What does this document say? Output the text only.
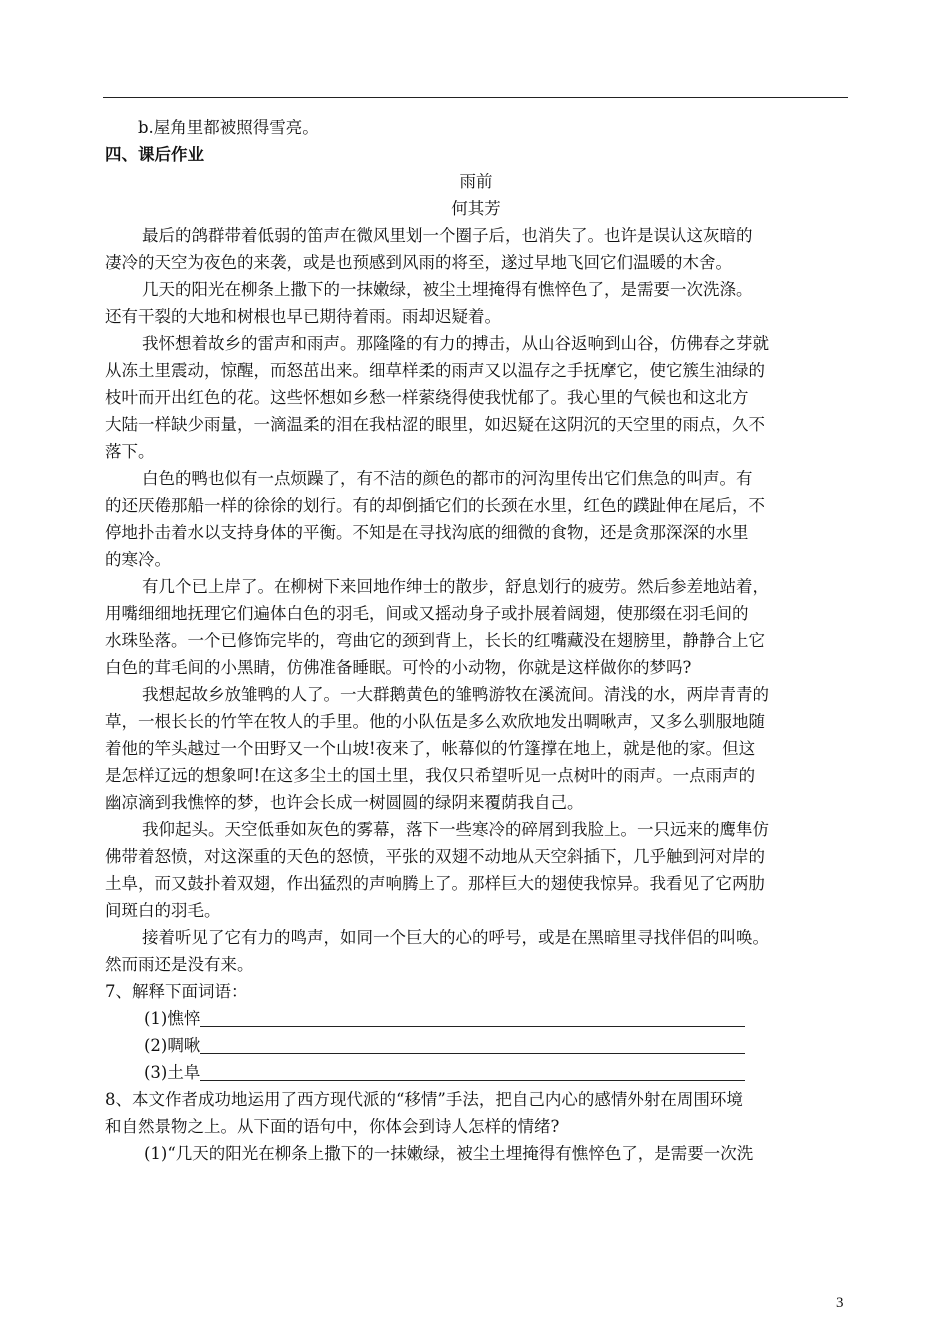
b.屋角里都被照得雪亮。
四、课后作业
雨前
何其芳
最后的鸽群带着低弱的笛声在微风里划一个圈子后，也消失了。也许是误认这灰暗的
凄冷的天空为夜色的来袭，或是也预感到风雨的将至，遂过早地飞回它们温暖的木舍。
几天的阳光在柳条上撒下的一抹嫩绿，被尘土埋掩得有憔悴色了，是需要一次洗涤。
还有干裂的大地和树根也早已期待着雨。雨却迟疑着。
我怀想着故乡的雷声和雨声。那隆隆的有力的搏击，从山谷返响到山谷，仿佛春之芽就
从冻土里震动，惊醒，而怒茁出来。细草样柔的雨声又以温存之手抚摩它，使它簇生油绿的
枝叶而开出红色的花。这些怀想如乡愁一样萦绕得使我忧郁了。我心里的气候也和这北方
大陆一样缺少雨量，一滴温柔的泪在我枯涩的眼里，如迟疑在这阴沉的天空里的雨点，久不
落下。
白色的鸭也似有一点烦躁了，有不洁的颜色的都市的河沟里传出它们焦急的叫声。有
的还厌倦那船一样的徐徐的划行。有的却倒插它们的长颈在水里，红色的蹼趾伸在尾后，不
停地扑击着水以支持身体的平衡。不知是在寻找沟底的细微的食物，还是贪那深深的水里
的寒冷。
有几个已上岸了。在柳树下来回地作绅士的散步，舒息划行的疲劳。然后参差地站着，
用嘴细细地抚理它们遍体白色的羽毛，间或又摇动身子或扑展着阔翅，使那缀在羽毛间的
水珠坠落。一个已修饰完毕的，弯曲它的颈到背上，长长的红嘴藏没在翅膀里，静静合上它
白色的茸毛间的小黑睛，仿佛准备睡眠。可怜的小动物，你就是这样做你的梦吗?
我想起故乡放雏鸭的人了。一大群鹅黄色的雏鸭游牧在溪流间。清浅的水，两岸青青的
草，一根长长的竹竿在牧人的手里。他的小队伍是多么欢欣地发出啁啾声，又多么驯服地随
着他的竿头越过一个田野又一个山坡!夜来了，帐幕似的竹篷撑在地上，就是他的家。但这
是怎样辽远的想象呵!在这多尘土的国土里，我仅只希望听见一点树叶的雨声。一点雨声的
幽凉滴到我憔悴的梦，也许会长成一树圆圆的绿阴来覆荫我自己。
我仰起头。天空低垂如灰色的雾幕，落下一些寒冷的碎屑到我脸上。一只远来的鹰隼仿
佛带着怒愤，对这深重的天色的怒愤，平张的双翅不动地从天空斜插下，几乎触到河对岸的
土阜，而又鼓扑着双翅，作出猛烈的声响腾上了。那样巨大的翅使我惊异。我看见了它两肋
间斑白的羽毛。
接着听见了它有力的鸣声，如同一个巨大的心的呼号，或是在黑暗里寻找伴侣的叫唤。
然而雨还是没有来。
7、解释下面词语：
(1)憔悴
(2)啁啾
(3)土阜
8、本文作者成功地运用了西方现代派的“移情”手法，把自己内心的感情外射在周围环境
和自然景物之上。从下面的语句中，你体会到诗人怎样的情绪?
(1)“几天的阳光在柳条上撒下的一抹嫩绿，被尘土埋掩得有憔悴色了，是需要一次洗
3
